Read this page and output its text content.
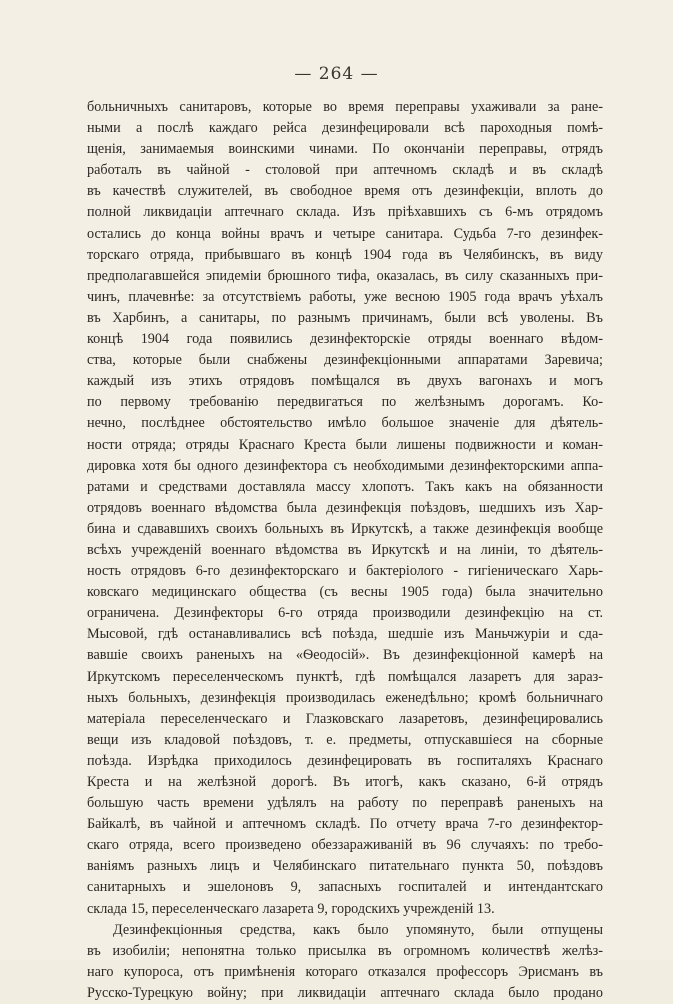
— 264 —
больничныхъ санитаровъ, которые во время переправы ухаживали за ране-
ными а послѣ каждаго рейса дезинфецировали всѣ пароходныя помѣ-
щенія, занимаемыя воинскими чинами. По окончаніи переправы, отрядъ
работалъ въ чайной - столовой при аптечномъ складѣ и въ складѣ
въ качествѣ служителей, въ свободное время отъ дезинфекціи, вплоть до
полной ликвидаціи аптечнаго склада. Изъ пріѣхавшихъ съ 6-мъ отрядомъ
остались до конца войны врачъ и четыре санитара. Судьба 7-го дезинфек-
торскаго отряда, прибывшаго въ концѣ 1904 года въ Челябинскъ, въ виду
предполагавшейся эпидеміи брюшного тифа, оказалась, въ силу сказанныхъ при-
чинъ, плачевнѣе: за отсутствіемъ работы, уже весною 1905 года врачъ уѣхалъ
въ Харбинъ, а санитары, по разнымъ причинамъ, были всѣ уволены. Въ
концѣ 1904 года появились дезинфекторскіе отряды военнаго вѣдом-
ства, которые были снабжены дезинфекціонными аппаратами Заревича;
каждый изъ этихъ отрядовъ помѣщался въ двухъ вагонахъ и могъ
по первому требованію передвигаться по желѣзнымъ дорогамъ. Ко-
нечно, послѣднее обстоятельство имѣло большое значеніе для дѣятель-
ности отряда; отряды Краснаго Креста были лишены подвижности и коман-
дировка хотя бы одного дезинфектора съ необходимыми дезинфекторскими аппа-
ратами и средствами доставляла массу хлопотъ. Такъ какъ на обязанности
отрядовъ военнаго вѣдомства была дезинфекція поѣздовъ, шедшихъ изъ Хар-
бина и сдававшихъ своихъ больныхъ въ Иркутскѣ, а также дезинфекція вообще
всѣхъ учрежденій военнаго вѣдомства въ Иркутскѣ и на линіи, то дѣятель-
ность отрядовъ 6-го дезинфекторскаго и бактеріолого - гигіеническаго Харь-
ковскаго медицинскаго общества (съ весны 1905 года) была значительно
ограничена. Дезинфекторы 6-го отряда производили дезинфекцію на ст.
Мысовой, гдѣ останавливались всѣ поѣзда, шедшіе изъ Маньчжуріи и сда-
вавшіе своихъ раненыхъ на «Ѳеодосій». Въ дезинфекціонной камерѣ на
Иркутскомъ переселенческомъ пунктѣ, гдѣ помѣщался лазаретъ для зараз-
ныхъ больныхъ, дезинфекція производилась еженедѣльно; кромѣ больничнаго
матеріала переселенческаго и Глазковскаго лазаретовъ, дезинфецировались
вещи изъ кладовой поѣздовъ, т. е. предметы, отпускавшіеся на сборные
поѣзда. Изрѣдка приходилось дезинфецировать въ госпиталяхъ Краснаго
Креста и на желѣзной дорогѣ. Въ итогѣ, какъ сказано, 6-й отрядъ
большую часть времени удѣлялъ на работу по переправѣ раненыхъ на
Байкалѣ, въ чайной и аптечномъ складѣ. По отчету врача 7-го дезинфектор-
скаго отряда, всего произведено обеззараживаній въ 96 случаяхъ: по требо-
ваніямъ разныхъ лицъ и Челябинскаго питательнаго пункта 50, поѣздовъ
санитарныхъ и эшелоновъ 9, запасныхъ госпиталей и интендантскаго
склада 15, переселенческаго лазарета 9, городскихъ учрежденій 13.
Дезинфекціонныя средства, какъ было упомянуто, были отпущены
въ изобиліи; непонятна только присылка въ огромномъ количествѣ желѣз-
наго купороса, отъ примѣненія котораго отказался профессоръ Эрисманъ въ
Русско-Турецкую войну; при ликвидаціи аптечнаго склада было продано
